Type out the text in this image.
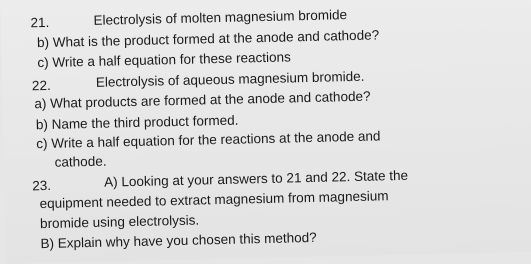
21.	Electrolysis of molten magnesium bromide
b) What is the product formed at the anode and cathode?
c) Write a half equation for these reactions
22.	Electrolysis of aqueous magnesium bromide.
a) What products are formed at the anode and cathode?
b) Name the third product formed.
c) Write a half equation for the reactions at the anode and
cathode.
23.	A) Looking at your answers to 21 and 22. State the
equipment needed to extract magnesium from magnesium
bromide using electrolysis.
B) Explain why have you chosen this method?
